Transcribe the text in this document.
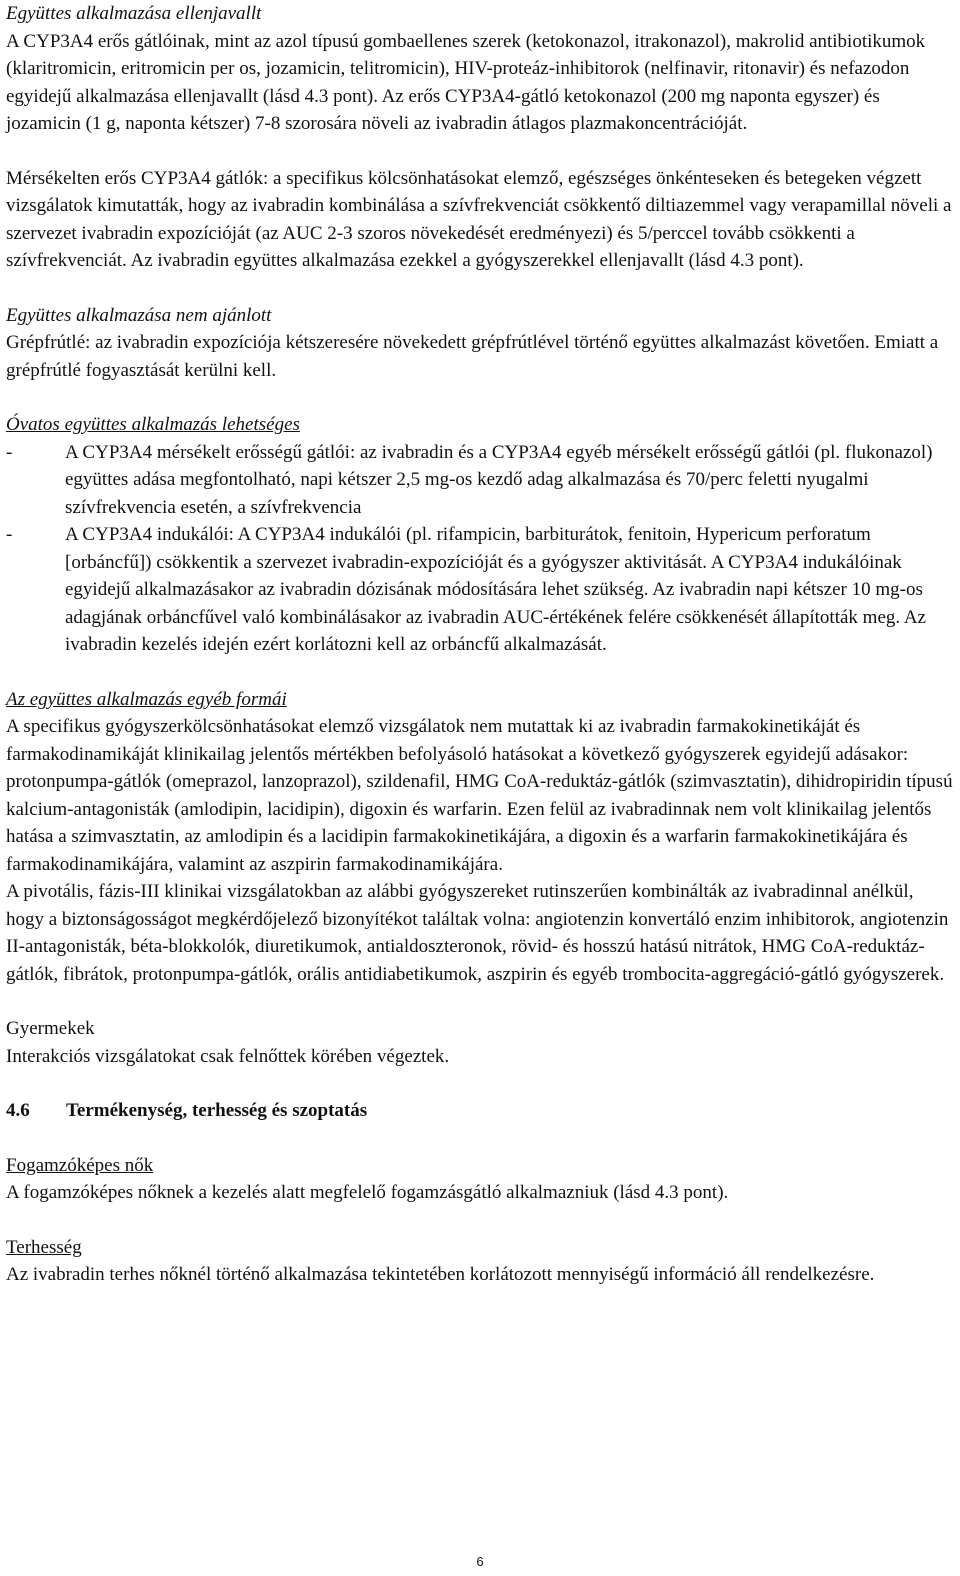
Együttes alkalmazása ellenjavallt

A CYP3A4 erős gátlóinak, mint az azol típusú gombaellenes szerek (ketokonazol, itrakonazol), makrolid antibiotikumok (klaritromicin, eritromicin per os, jozamicin, telitromicin), HIV-proteáz-inhibitorok (nelfinavir, ritonavir) és nefazodon egyidejű alkalmazása ellenjavallt (lásd 4.3 pont). Az erős CYP3A4-gátló ketokonazol (200 mg naponta egyszer) és jozamicin (1 g, naponta kétszer) 7-8 szorosára növeli az ivabradin átlagos plazmakoncentrációját.

Mérsékelten erős CYP3A4 gátlók: a specifikus kölcsönhatásokat elemző, egészséges önkénteseken és betegeken végzett vizsgálatok kimutatták, hogy az ivabradin kombinálása a szívfrekvenciát csökkentő diltiazemmel vagy verapamillal növeli a szervezet ivabradin expozícióját (az AUC 2-3 szoros növekedését eredményezi) és 5/perccel tovább csökkenti a szívfrekvenciát. Az ivabradin együttes alkalmazása ezekkel a gyógyszerekkel ellenjavallt (lásd 4.3 pont).

Együttes alkalmazása nem ajánlott

Grépfrútlé: az ivabradin expozíciója kétszeresére növekedett grépfrútlével történő együttes alkalmazást követően. Emiatt a grépfrútlé fogyasztását kerülni kell.

Óvatos együttes alkalmazás lehetséges

-	A CYP3A4 mérsékelt erősségű gátlói: az ivabradin és a CYP3A4 egyéb mérsékelt erősségű gátlói (pl. flukonazol) együttes adása megfontolható, napi kétszer 2,5 mg-os kezdő adag alkalmazása és 70/perc feletti nyugalmi szívfrekvencia esetén, a szívfrekvencia

-	A CYP3A4 indukálói: A CYP3A4 indukálói (pl. rifampicin, barbiturátok, fenitoin, Hypericum perforatum [orbáncfű]) csökkentik a szervezet ivabradin-expozícióját és a gyógyszer aktivitását. A CYP3A4 indukálóinak egyidejű alkalmazásakor az ivabradin dózisának módosítására lehet szükség. Az ivabradin napi kétszer 10 mg-os adagjának orbáncfűvel való kombinálásakor az ivabradin AUC-értékének felére csökkenését állapították meg. Az ivabradin kezelés idején ezért korlátozni kell az orbáncfű alkalmazását.

Az együttes alkalmazás egyéb formái

A specifikus gyógyszerkölcsönhatásokat elemző vizsgálatok nem mutattak ki az ivabradin farmakokinetikáját és farmakodinamikáját klinikailag jelentős mértékben befolyásoló hatásokat a következő gyógyszerek egyidejű adásakor: protonpumpa-gátlók (omeprazol, lanzoprazol), szildenafil, HMG CoA-reduktáz-gátlók (szimvasztatin), dihidropiridin típusú kalcium-antagonisták (amlodipin, lacidipin), digoxin és warfarin. Ezen felül az ivabradinnak nem volt klinikailag jelentős hatása a szimvasztatin, az amlodipin és a lacidipin farmakokinetikájára, a digoxin és a warfarin farmakokinetikájára és farmakodinamikájára, valamint az aszpirin farmakodinamikájára.

A pivotális, fázis-III klinikai vizsgálatokban az alábbi gyógyszereket rutinszerűen kombinálták az ivabradinnal anélkül, hogy a biztonságosságot megkérdőjelező bizonyítékot találtak volna: angiotenzin konvertáló enzim inhibitorok, angiotenzin II-antagonisták, béta-blokkolók, diuretikumok, antialdoszteronok, rövid- és hosszú hatású nitrátok, HMG CoA-reduktáz-gátlók, fibrátok, protonpumpa-gátlók, orális antidiabetikumok, aszpirin és egyéb trombocita-aggregáció-gátló gyógyszerek.

Gyermekek

Interakciós vizsgálatokat csak felnőttek körében végeztek.

4.6 Termékenység, terhesség és szoptatás

Fogamzóképes nők

A fogamzóképes nőknek a kezelés alatt megfelelő fogamzásgátló alkalmazniuk (lásd 4.3 pont).

Terhesség

Az ivabradin terhes nőknél történő alkalmazása tekintetében korlátozott mennyiségű információ áll rendelkezésre.

6
